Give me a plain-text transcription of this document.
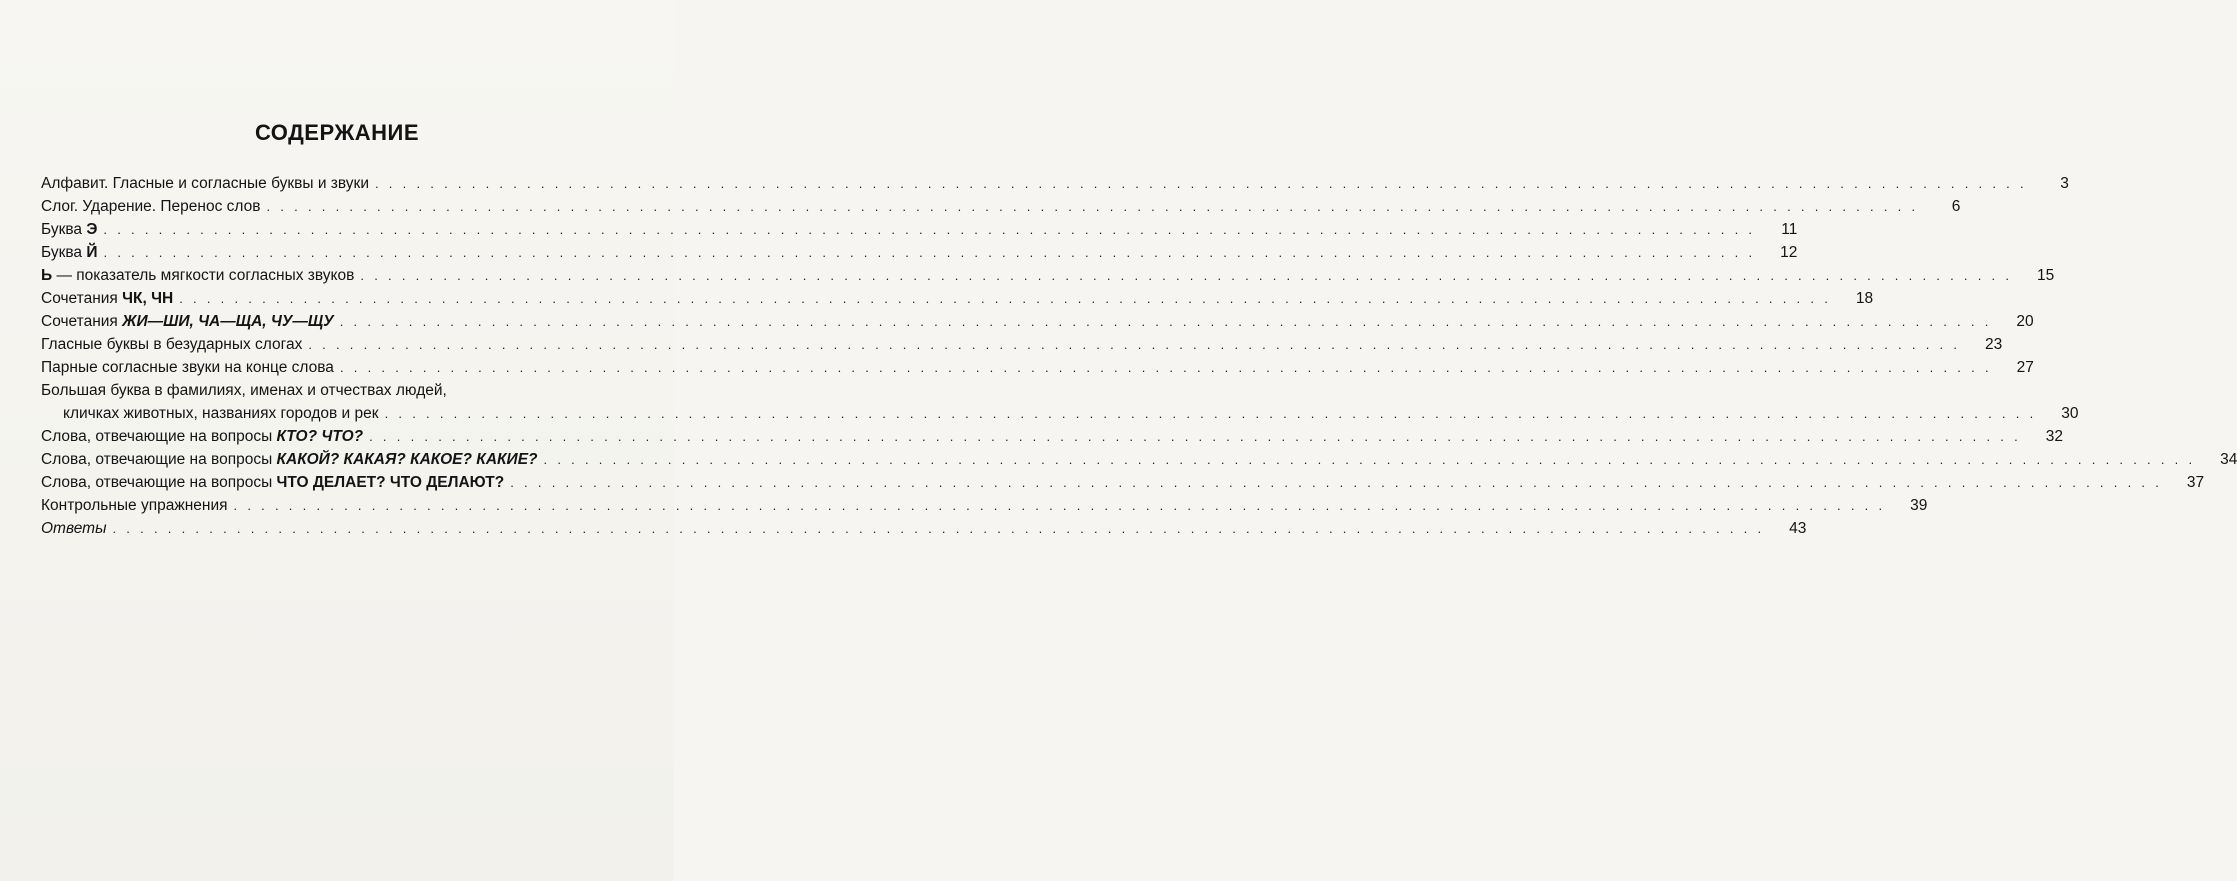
СОДЕРЖАНИЕ
Алфавит. Гласные и согласные буквы и звуки . . . . . . . . . . . . . . . . . . . . . . . . . . . . . . . . . . . . . . . . . . . . . . . . . . . . . . . . . . . . . . . . . . . . . . . . . . . . . . . . . . . . . . . . . . . . . . . . . . . . . . . . . . . . . . . . . . . . . . . .	3
Слог. Ударение. Перенос слов . . . . . . . . . . . . . . . . . . . . . . . . . . . . . . . . . . . . . . . . . . . . . . . . . . . . . . . . . . . . . . . . . . . . . . . . . . . . . . . . . . . . . . . . . . . . . . . . . . . . . . . . . . . . . . . . . . . . . . . .	6
Буква Э . . . . . . . . . . . . . . . . . . . . . . . . . . . . . . . . . . . . . . . . . . . . . . . . . . . . . . . . . . . . . . . . . . . . . . . . . . . . . . . . . . . . . . . . . . . . . . . . . . . . . . . . . . . . . . . . . . . . . . . .	11
Буква Й . . . . . . . . . . . . . . . . . . . . . . . . . . . . . . . . . . . . . . . . . . . . . . . . . . . . . . . . . . . . . . . . . . . . . . . . . . . . . . . . . . . . . . . . . . . . . . . . . . . . . . . . . . . . . . . . . . . . . . . .	12
Ь — показатель мягкости согласных звуков . . . . . . . . . . . . . . . . . . . . . . . . . . . . . . . . . . . . . . . . . . . . . . . . . . . . . . . . . . . . . . . . . . . . . . . . . . . . . . . . . . . . . . . . . . . . . . . . . . . . . . . . . . . . . . . . . . . . . . . .	15
Сочетания ЧК, ЧН . . . . . . . . . . . . . . . . . . . . . . . . . . . . . . . . . . . . . . . . . . . . . . . . . . . . . . . . . . . . . . . . . . . . . . . . . . . . . . . . . . . . . . . . . . . . . . . . . . . . . . . . . . . . . . . . . . . . . . . .	18
Сочетания ЖИ—ШИ, ЧА—ЩА, ЧУ—ЩУ . . . . . . . . . . . . . . . . . . . . . . . . . . . . . . . . . . . . . . . . . . . . . . . . . . . . . . . . . . . . . . . . . . . . . . . . . . . . . . . . . . . . . . . . . . . . . . . . . . . . . . . . . . . . . . . . . . . . . . . .	20
Гласные буквы в безударных слогах . . . . . . . . . . . . . . . . . . . . . . . . . . . . . . . . . . . . . . . . . . . . . . . . . . . . . . . . . . . . . . . . . . . . . . . . . . . . . . . . . . . . . . . . . . . . . . . . . . . . . . . . . . . . . . . . . . . . . . . .	23
Парные согласные звуки на конце слова . . . . . . . . . . . . . . . . . . . . . . . . . . . . . . . . . . . . . . . . . . . . . . . . . . . . . . . . . . . . . . . . . . . . . . . . . . . . . . . . . . . . . . . . . . . . . . . . . . . . . . . . . . . . . . . . . . . . . . . .	27
Большая буква в фамилиях, именах и отчествах людей,
кличках животных, названиях городов и рек . . . . . . . . . . . . . . . . . . . . . . . . . . . . . . . . . . . . . . . . . . . . . . . . . . . . . . . . . . . . . . . . . . . . . . . . . . . . . . . . . . . . . . . . . . . . . . . . . . . . . . . . . . . . . . . . . . . . . . . .	30
Слова, отвечающие на вопросы КТО? ЧТО? . . . . . . . . . . . . . . . . . . . . . . . . . . . . . . . . . . . . . . . . . . . . . . . . . . . . . . . . . . . . . . . . . . . . . . . . . . . . . . . . . . . . . . . . . . . . . . . . . . . . . . . . . . . . . . . . . . . . . . . .	32
Слова, отвечающие на вопросы КАКОЙ? КАКАЯ? КАКОЕ? КАКИЕ? . . . . . . . . . . . . . . . . . . . . . . . . . . . . . . . . . . . . . . . . . . . . . . . . . . . . . . . . . . . . . . . . . . . . . . . . . . . . . . . . . . . . . . . . . . . . . . . . . . . . . . . . . . . . . . . . . . . . . . . .	34
Слова, отвечающие на вопросы ЧТО ДЕЛАЕТ? ЧТО ДЕЛАЮТ? . . . . . . . . . . . . . . . . . . . . . . . . . . . . . . . . . . . . . . . . . . . . . . . . . . . . . . . . . . . . . . . . . . . . . . . . . . . . . . . . . . . . . . . . . . . . . . . . . . . . . . . . . . . . . . . . . . . . . . . .	37
Контрольные упражнения . . . . . . . . . . . . . . . . . . . . . . . . . . . . . . . . . . . . . . . . . . . . . . . . . . . . . . . . . . . . . . . . . . . . . . . . . . . . . . . . . . . . . . . . . . . . . . . . . . . . . . . . . . . . . . . . . . . . . . . .	39
Ответы . . . . . . . . . . . . . . . . . . . . . . . . . . . . . . . . . . . . . . . . . . . . . . . . . . . . . . . . . . . . . . . . . . . . . . . . . . . . . . . . . . . . . . . . . . . . . . . . . . . . . . . . . . . . . . . . . . . . . . . .	43
